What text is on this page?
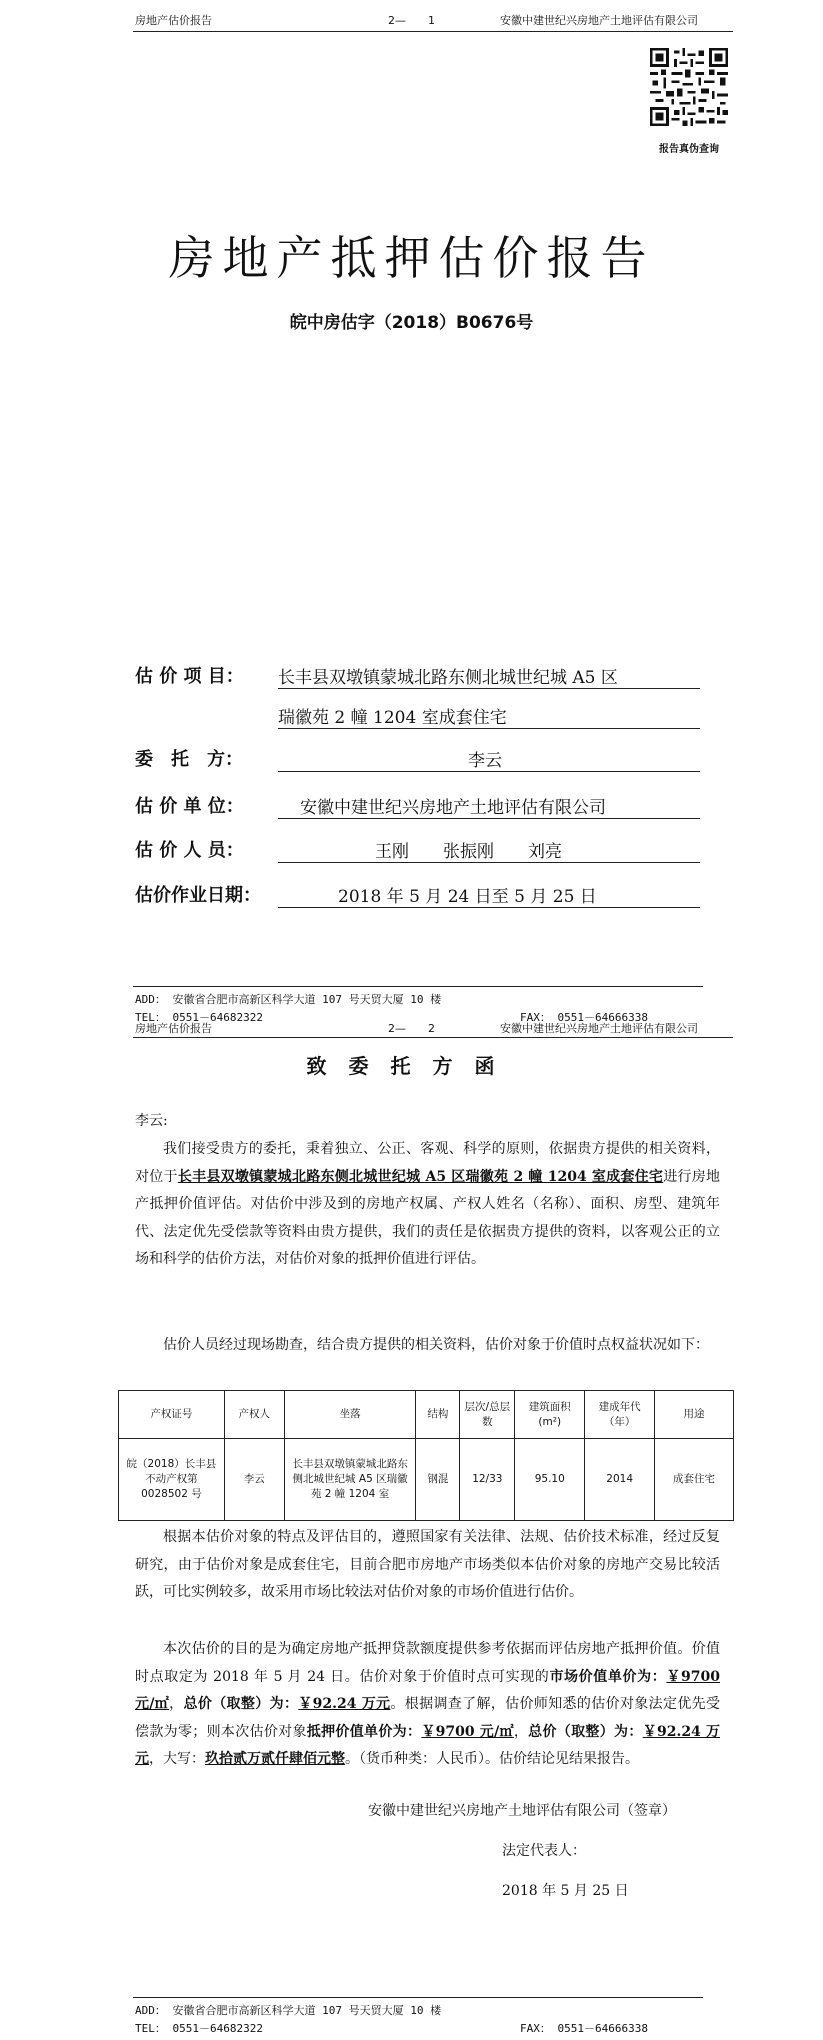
房地产估价报告	2—　　1	安徽中建世纪兴房地产土地评估有限公司
报告真伪查询
房地产抵押估价报告
皖中房估字（2018）B0676号
估 价 项 目： 长丰县双墩镇蒙城北路东侧北城世纪城 A5 区
瑞徽苑 2 幢 1204 室成套住宅
委　托　方：	李云
估 价 单 位：	安徽中建世纪兴房地产土地评估有限公司
估 价 人 员：	王刚　　张振刚　　刘亮
估价作业日期：	2018 年 5 月 24 日至 5 月 25 日
ADD： 安徽省合肥市高新区科学大道 107 号天贸大厦 10 楼
TEL： 0551－64682322	FAX： 0551－64666338
房地产估价报告	2—　　2	安徽中建世纪兴房地产土地评估有限公司
致委托方函
李云:
我们接受贵方的委托，秉着独立、公正、客观、科学的原则，依据贵方提供的相关资料，对位于长丰县双墩镇蒙城北路东侧北城世纪城 A5 区瑞徽苑 2 幢 1204 室成套住宅进行房地产抵押价值评估。对估价中涉及到的房地产权属、产权人姓名（名称）、面积、房型、建筑年代、法定优先受偿款等资料由贵方提供，我们的责任是依据贵方提供的资料，以客观公正的立场和科学的估价方法，对估价对象的抵押价值进行评估。
估价人员经过现场勘查，结合贵方提供的相关资料，估价对象于价值时点权益状况如下：
产权证号	产权人	坐落	结构	层次/总层数	建筑面积(m²)	建成年代（年）	用途
皖（2018）长丰县不动产权第 0028502 号	李云	长丰县双墩镇蒙城北路东侧北城世纪城 A5 区瑞徽苑 2 幢 1204 室	钢混	12/33	95.10	2014	成套住宅
根据本估价对象的特点及评估目的，遵照国家有关法律、法规、估价技术标准，经过反复研究，由于估价对象是成套住宅，目前合肥市房地产市场类似本估价对象的房地产交易比较活跃，可比实例较多，故采用市场比较法对估价对象的市场价值进行估价。
本次估价的目的是为确定房地产抵押贷款额度提供参考依据而评估房地产抵押价值。价值时点取定为 2018 年 5 月 24 日。估价对象于价值时点可实现的市场价值单价为：￥9700 元/㎡，总价（取整）为：￥92.24 万元。根据调查了解，估价师知悉的估价对象法定优先受偿款为零；则本次估价对象抵押价值单价为：￥9700 元/㎡，总价（取整）为：￥92.24 万元，大写：玖拾贰万贰仟肆佰元整。（货币种类：人民币）。估价结论见结果报告。
安徽中建世纪兴房地产土地评估有限公司（签章）
法定代表人：
2018 年 5 月 25 日
ADD： 安徽省合肥市高新区科学大道 107 号天贸大厦 10 楼
TEL： 0551－64682322	FAX： 0551－64666338
